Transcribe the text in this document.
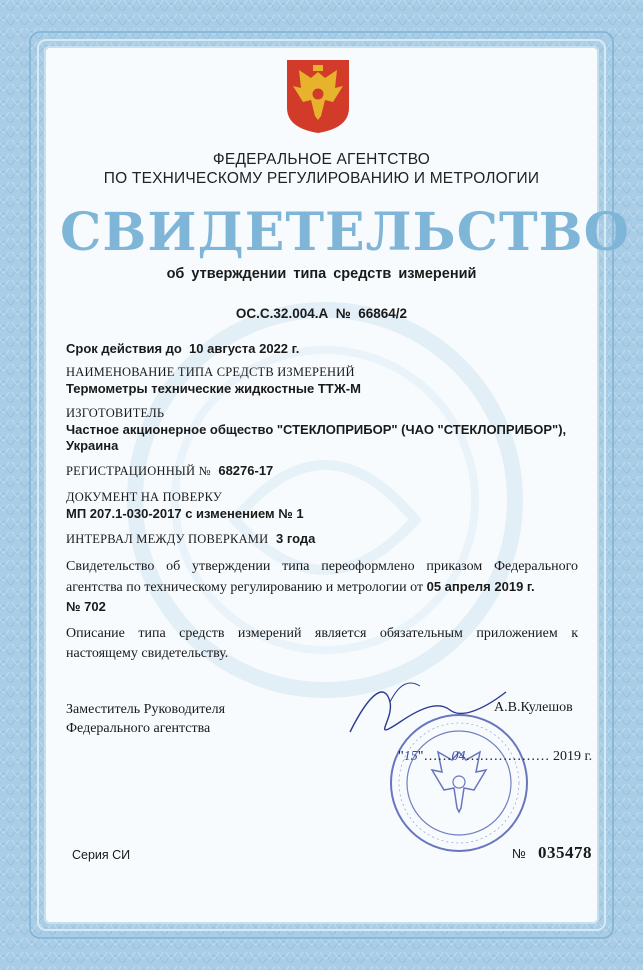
ФЕДЕРАЛЬНОЕ АГЕНТСТВО
ПО ТЕХНИЧЕСКОМУ РЕГУЛИРОВАНИЮ И МЕТРОЛОГИИ
СВИДЕТЕЛЬСТВО
об утверждении типа средств измерений
ОС.С.32.004.А  №  66864/2
Срок действия до  10 августа 2022 г.
НАИМЕНОВАНИЕ ТИПА СРЕДСТВ ИЗМЕРЕНИЙ
Термометры технические жидкостные ТТЖ-М
ИЗГОТОВИТЕЛЬ
Частное акционерное общество "СТЕКЛОПРИБОР" (ЧАО "СТЕКЛОПРИБОР"),
Украина
РЕГИСТРАЦИОННЫЙ № 68276-17
ДОКУМЕНТ НА ПОВЕРКУ
МП 207.1-030-2017 с изменением № 1
ИНТЕРВАЛ МЕЖДУ ПОВЕРКАМИ 3 года
Свидетельство об утверждении типа переоформлено приказом Федерального агентства по техническому регулированию и метрологии от 05 апреля 2019 г.
№ 702
Описание типа средств измерений является обязательным приложением к настоящему свидетельству.
Заместитель Руководителя
Федерального агентства
А.В.Кулешов
"15"……04……………… 2019 г.
Серия СИ	№ 035478
